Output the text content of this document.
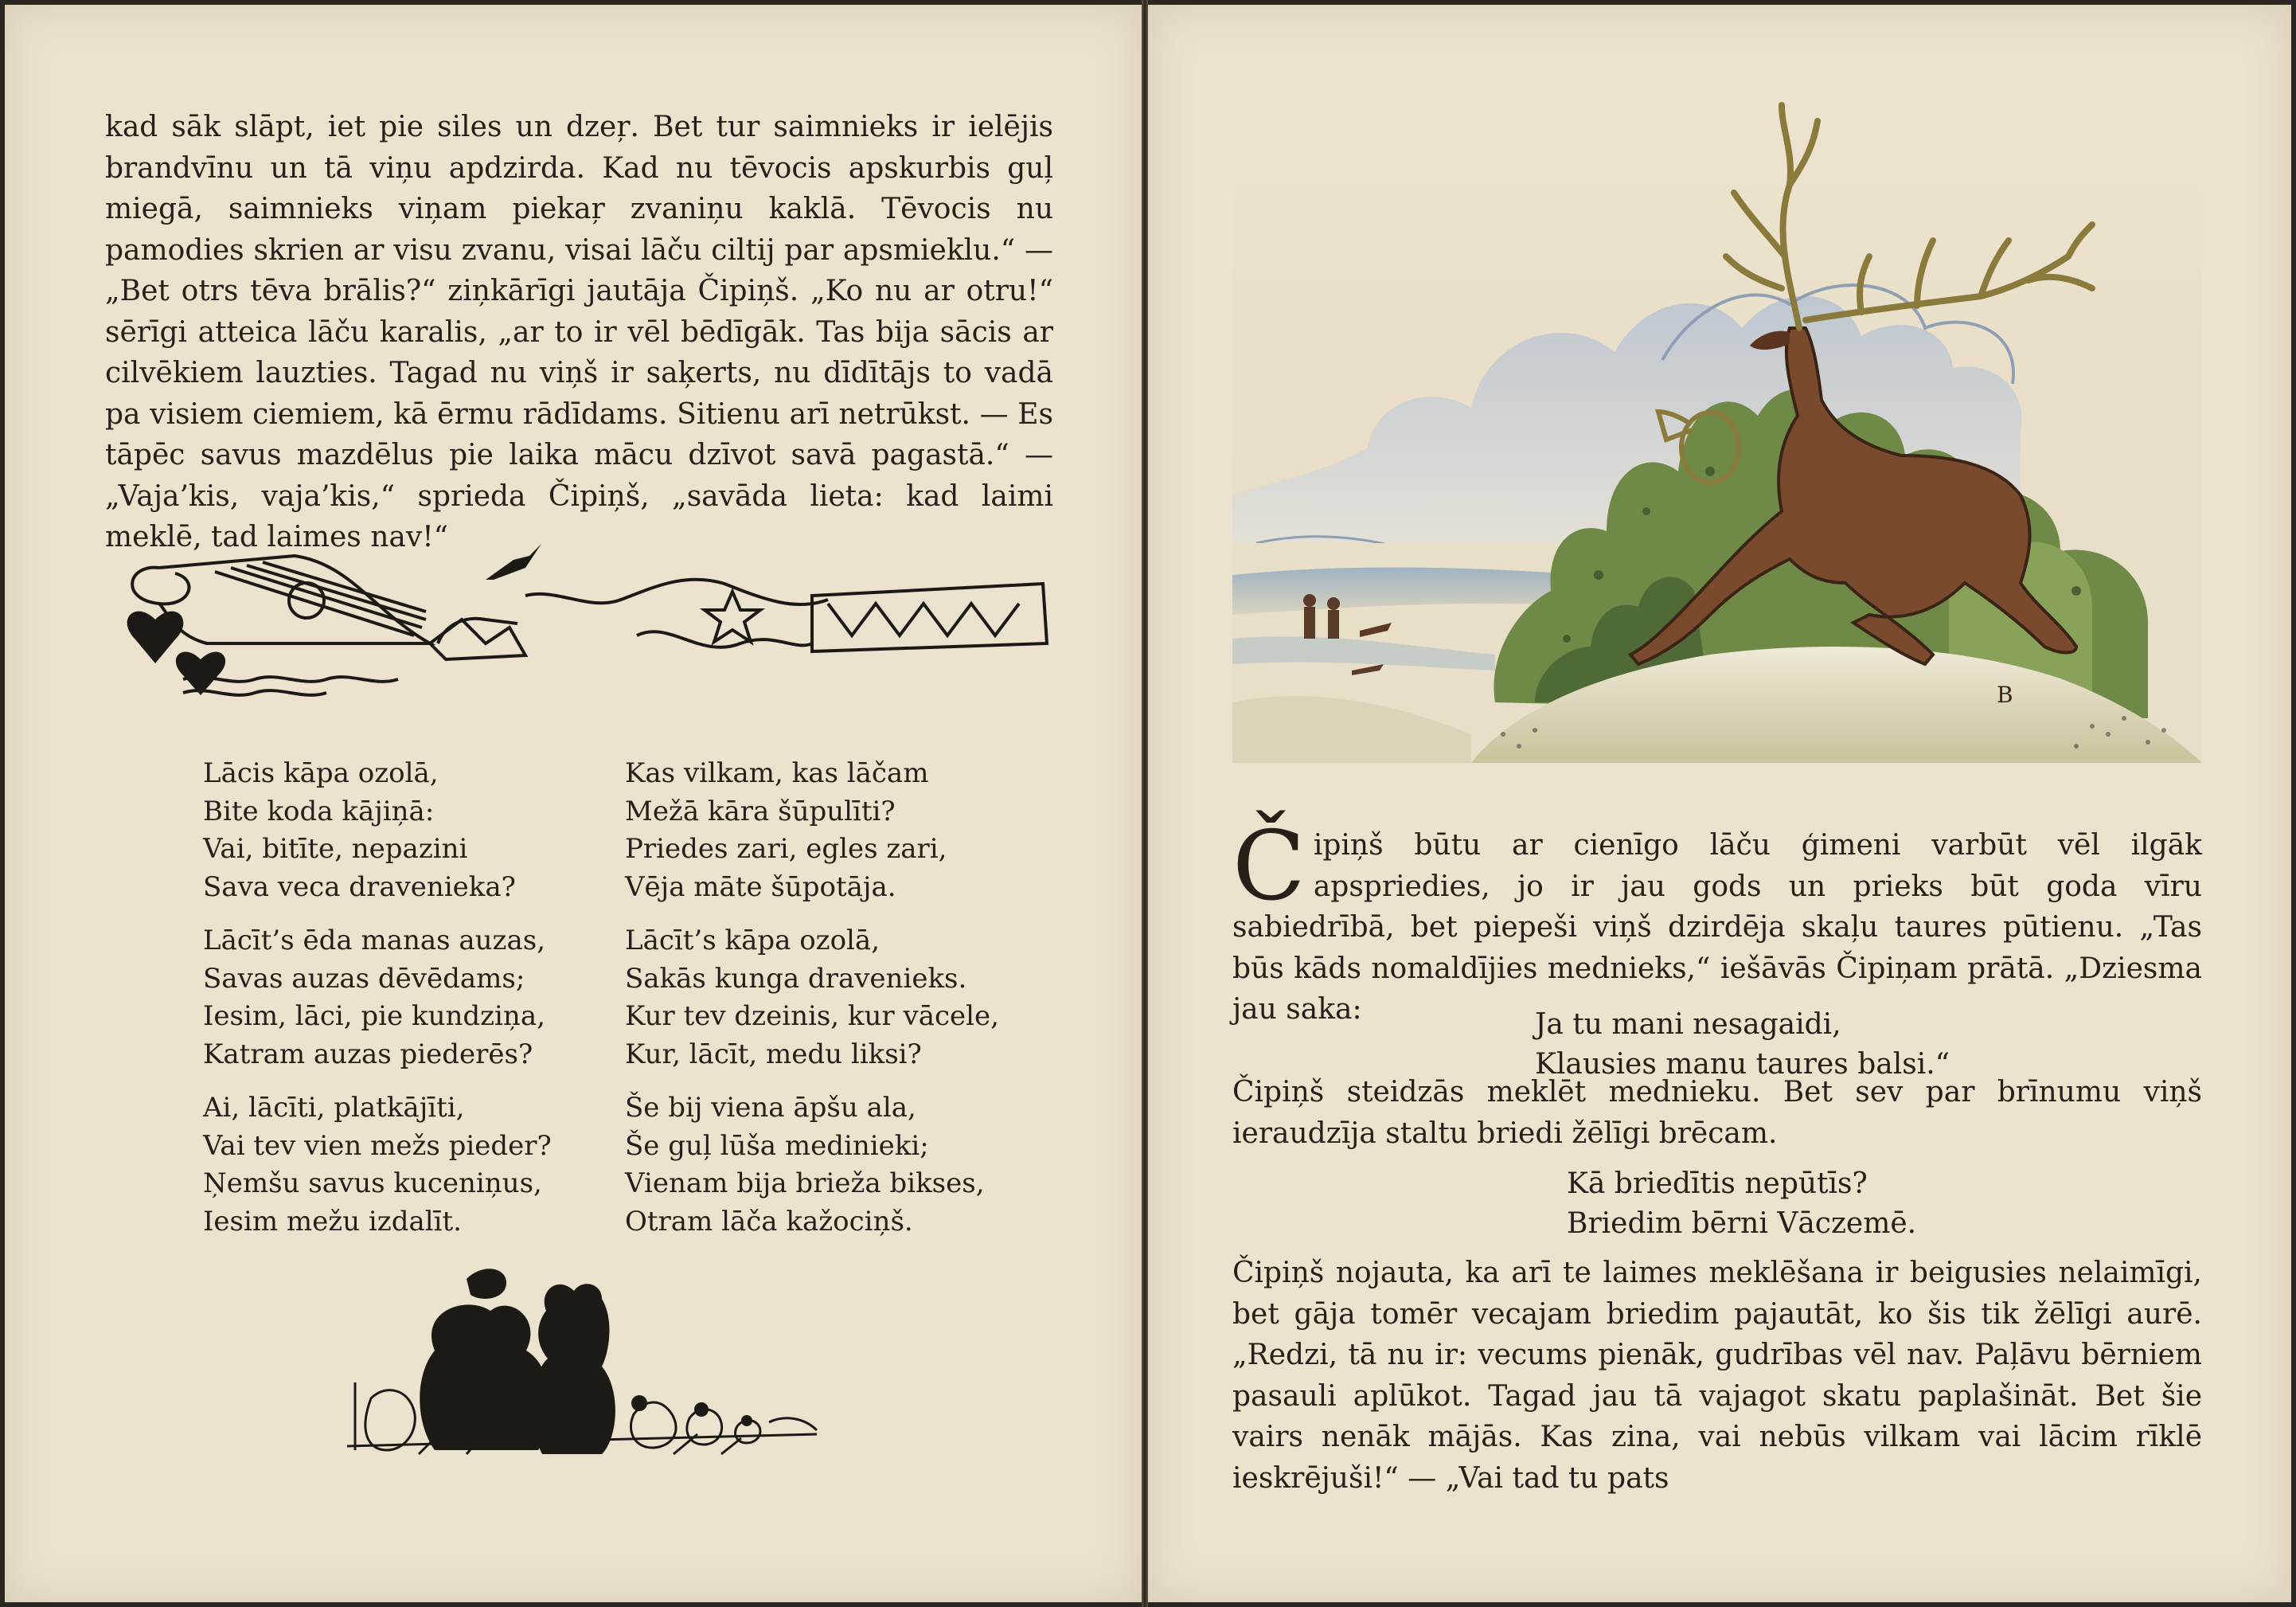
kad sāk slāpt, iet pie siles un dzeŗ. Bet tur saimnieks ir ielējis brandvīnu un tā viņu apdzirda. Kad nu tēvocis apskurbis guļ miegā, saimnieks viņam piekaŗ zvaniņu kaklā. Tēvocis nu pamodies skrien ar visu zvanu, visai lāču ciltij par apsmieklu.“ — „Bet otrs tēva brālis?“ ziņkārīgi jautāja Čipiņš. „Ko nu ar otru!“ sērīgi atteica lāču karalis, „ar to ir vēl bēdīgāk. Tas bija sācis ar cilvēkiem lauzties. Tagad nu viņš ir saķerts, nu dīdītājs to vadā pa visiem ciemiem, kā ērmu rādīdams. Sitienu arī netrūkst. — Es tāpēc savus mazdēlus pie laika mācu dzīvot savā pagastā.“ — „Vaja’kis, vaja’kis,“ sprieda Čipiņš, „savāda lieta: kad laimi meklē, tad laimes nav!“

Lācis kāpa ozolā,
Bite koda kājiņā:
Vai, bitīte, nepazini
Sava veca dravenieka?

Lācīt’s ēda manas auzas,
Savas auzas dēvēdams;
Iesim, lāci, pie kundziņa,
Katram auzas piederēs?

Ai, lācīti, platkājīti,
Vai tev vien mežs pieder?
Ņemšu savus kuceniņus,
Iesim mežu izdalīt.

Kas vilkam, kas lāčam
Mežā kāra šūpulīti?
Priedes zari, egles zari,
Vēja māte šūpotāja.

Lācīt’s kāpa ozolā,
Sakās kunga dravenieks.
Kur tev dzeinis, kur vācele,
Kur, lācīt, medu liksi?

Še bij viena āpšu ala,
Še guļ lūša medinieki;
Vienam bija brieža bikses,
Otram lāča kažociņš.

B
Č ipiņš būtu ar cienīgo lāču ģimeni varbūt vēl ilgāk apspriedies, jo ir jau gods un prieks būt goda vīru sabiedrībā, bet piepeši viņš dzirdēja skaļu taures pūtienu. „Tas būs kāds nomaldījies mednieks,“ iešāvās Čipiņam prātā. „Dziesma jau saka:	Ja tu mani nesagaidi,
Klausies manu taures balsi.“

Čipiņš steidzās meklēt mednieku. Bet sev par brīnumu viņš ieraudzīja staltu briedi žēlīgi brēcam.

Kā briedītis nepūtīs?
Briedim bērni Vāczemē.

Čipiņš nojauta, ka arī te laimes meklēšana ir beigusies nelaimīgi, bet gāja tomēr vecajam briedim pajautāt, ko šis tik žēlīgi aurē. „Redzi, tā nu ir: vecums pienāk, gudrības vēl nav. Paļāvu bērniem pasauli aplūkot. Tagad jau tā vajagot skatu paplašināt. Bet šie vairs nenāk mājās. Kas zina, vai nebūs vilkam vai lācim rīklē ieskrējuši!“ — „Vai tad tu pats
